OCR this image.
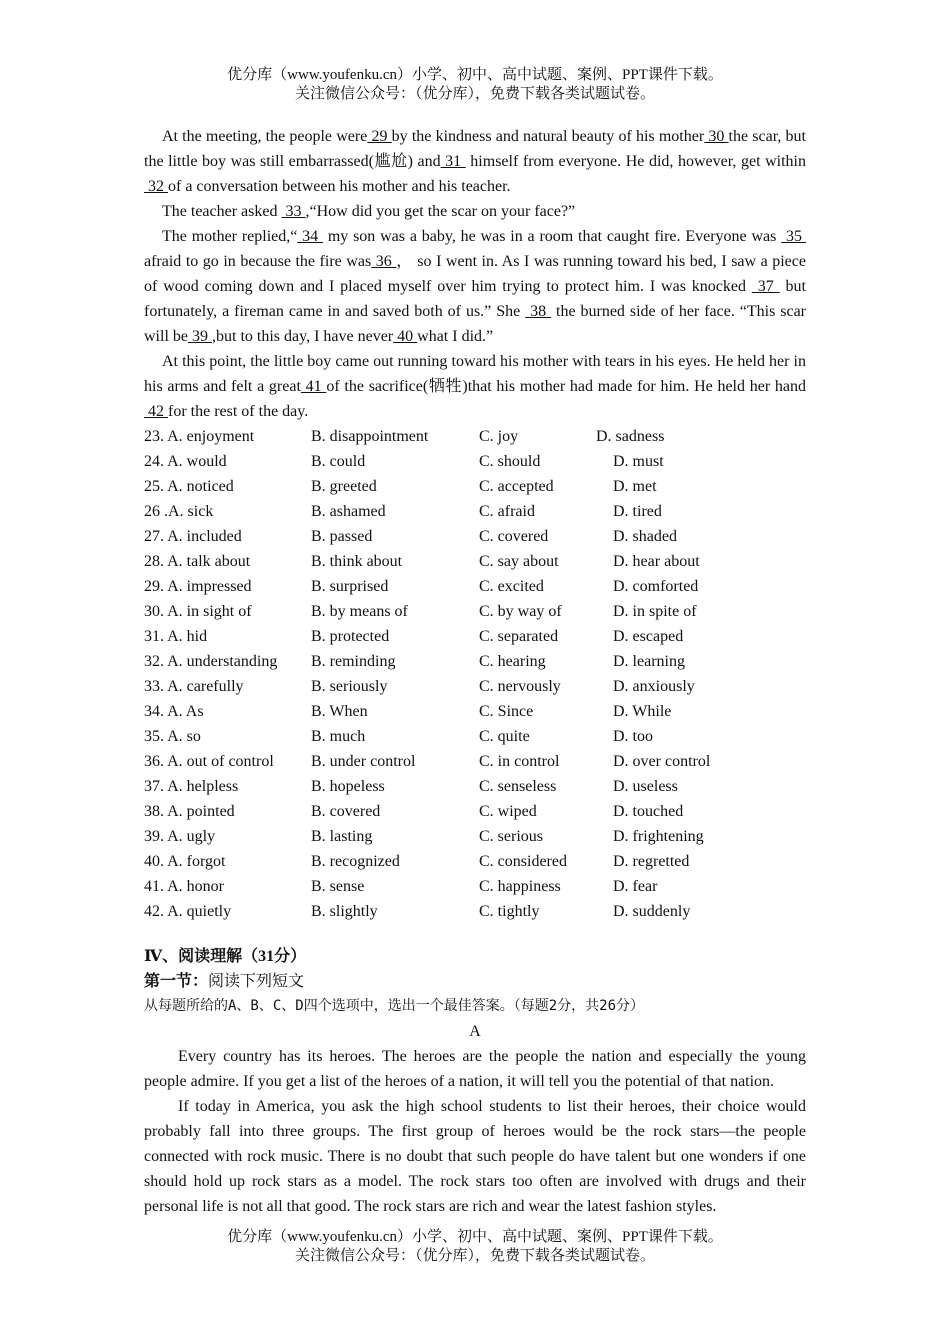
优分库（www.youfenku.cn）小学、初中、高中试题、案例、PPT课件下载。
关注微信公众号：（优分库），免费下载各类试题试卷。

At the meeting, the people were 29 by the kindness and natural beauty of his mother 30 the scar, but the little boy was still embarrassed(尴尬) and 31  himself from everyone. He did, however, get within 32 of a conversation between his mother and his teacher.

The teacher asked  33 ,“How did you get the scar on your face?”

The mother replied,“ 34  my son was a baby, he was in a room that caught fire. Everyone was  35  afraid to go in because the fire was 36 ， so I went in. As I was running toward his bed, I saw a piece of wood coming down and I placed myself over him trying to protect him. I was knocked  37  but fortunately, a fireman came in and saved both of us.” She  38  the burned side of her face. “This scar will be 39 ,but to this day, I have never 40 what I did.”

At this point, the little boy came out running toward his mother with tears in his eyes. He held her in his arms and felt a great 41 of the sacrifice(牺牲)that his mother had made for him. He held her hand 42 for the rest of the day.

23. A. enjoyment	B. disappointment	C. joy	D. sadness
24. A. would	B. could	C. should	D. must
25. A. noticed	B. greeted	C. accepted	D. met
26 .A. sick	B. ashamed	C. afraid	D. tired
27. A. included	B. passed	C. covered	D. shaded
28. A. talk about	B. think about	C. say about	D. hear about
29. A. impressed	B. surprised	C. excited	D. comforted
30. A. in sight of	B. by means of	C. by way of	D. in spite of
31. A. hid	B. protected	C. separated	D. escaped
32. A. understanding B. reminding	C. hearing	D. learning
33. A. carefully	B. seriously	C. nervously	D. anxiously
34. A. As	B. When	C. Since	D. While
35. A. so	B. much	C. quite	D. too
36. A. out of control B. under control	C. in control	D. over control
37. A. helpless	B. hopeless	C. senseless	D. useless
38. A. pointed	B. covered	C. wiped	D. touched
39. A. ugly	B. lasting	C. serious	D. frightening
40. A. forgot	B. recognized	C. considered	D. regretted
41. A. honor	B. sense	C. happiness	D. fear
42. A. quietly	B. slightly	C. tightly	D. suddenly
Ⅳ、阅读理解（31分）
第一节：阅读下列短文
从每题所给的A、B、C、D四个选项中，选出一个最佳答案。（每题2分，共26分）
A

Every country has its heroes. The heroes are the people the nation and especially the young people admire. If you get a list of the heroes of a nation, it will tell you the potential of that nation.

If today in America, you ask the high school students to list their heroes, their choice would probably fall into three groups. The first group of heroes would be the rock stars—the people connected with rock music. There is no doubt that such people do have talent but one wonders if one should hold up rock stars as a model. The rock stars too often are involved with drugs and their personal life is not all that good. The rock stars are rich and wear the latest fashion styles.

优分库（www.youfenku.cn）小学、初中、高中试题、案例、PPT课件下载。
关注微信公众号：（优分库），免费下载各类试题试卷。
